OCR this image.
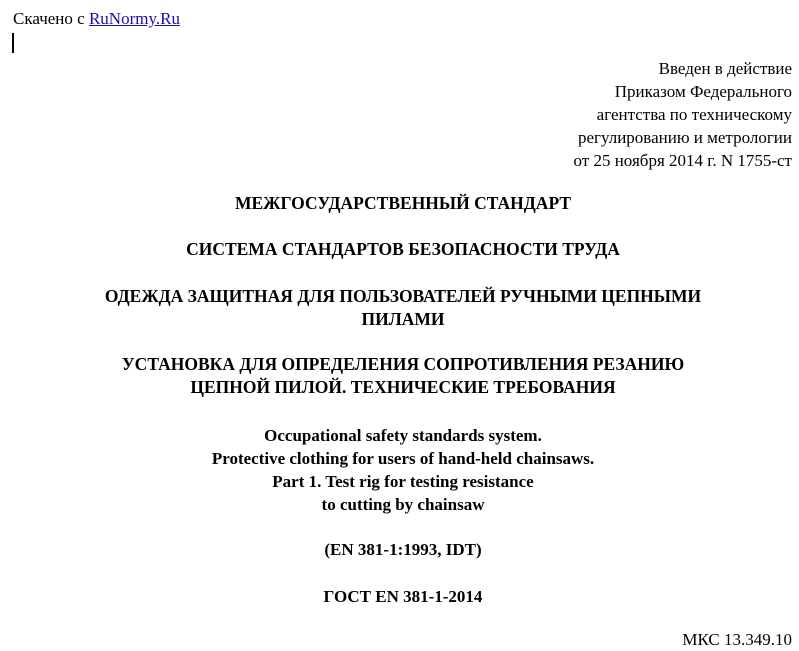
Скачено с RuNormy.Ru
Введен в действие
Приказом Федерального
агентства по техническому
регулированию и метрологии
от 25 ноября 2014 г. N 1755-ст
МЕЖГОСУДАРСТВЕННЫЙ СТАНДАРТ
СИСТЕМА СТАНДАРТОВ БЕЗОПАСНОСТИ ТРУДА
ОДЕЖДА ЗАЩИТНАЯ ДЛЯ ПОЛЬЗОВАТЕЛЕЙ РУЧНЫМИ ЦЕПНЫМИ
ПИЛАМИ
УСТАНОВКА ДЛЯ ОПРЕДЕЛЕНИЯ СОПРОТИВЛЕНИЯ РЕЗАНИЮ
ЦЕПНОЙ ПИЛОЙ. ТЕХНИЧЕСКИЕ ТРЕБОВАНИЯ
Occupational safety standards system.
Protective clothing for users of hand-held chainsaws.
Part 1. Test rig for testing resistance
to cutting by chainsaw
(EN 381-1:1993, IDT)
ГОСТ EN 381-1-2014
МКС 13.349.10
